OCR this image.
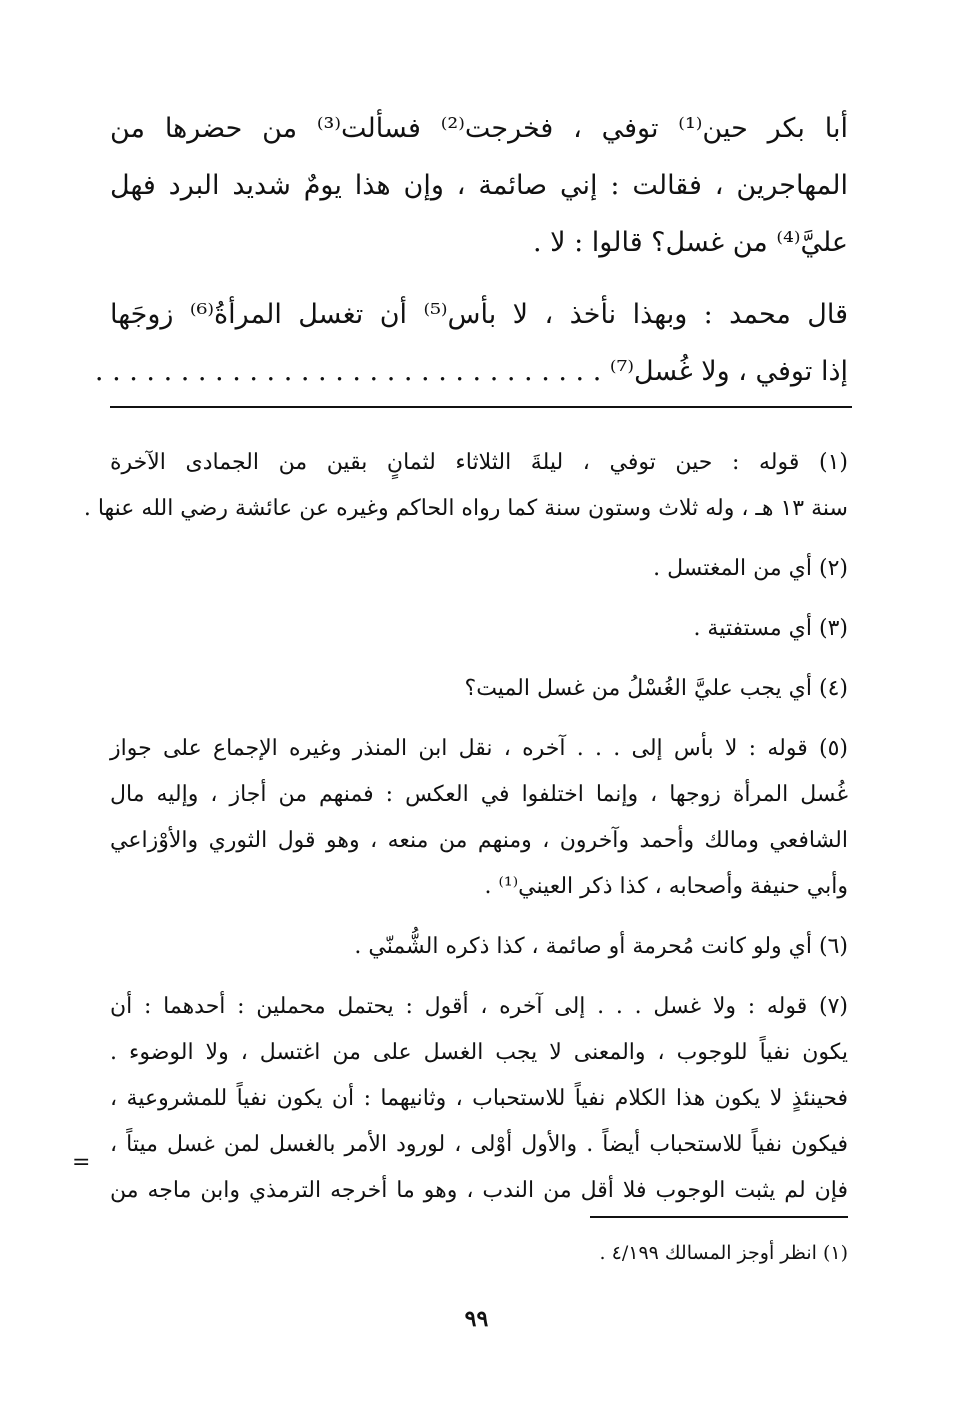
أبا بكر حين⁽¹⁾ توفي ، فخرجت⁽²⁾ فسألت⁽³⁾ من حضرها من
المهاجرين ، فقالت : إني صائمة ، وإن هذا يومٌ شديد البرد فهل
عليَّ⁽⁴⁾ من غسل؟ قالوا : لا .
قال محمد : وبهذا نأخذ ، لا بأس⁽⁵⁾ أن تغسل المرأةُ⁽⁶⁾ زوجَها
إذا توفي ، ولا غُسل⁽⁷⁾ . . . . . . . . . . . . . . . . . . . . . . . . . . . . . .
(١) قوله : حين توفي ، ليلةَ الثلاثاء لثمانٍ بقين من الجمادى الآخرة
سنة ١٣ هـ ، وله ثلاث وستون سنة كما رواه الحاكم وغيره عن عائشة رضي الله عنها .
(٢) أي من المغتسل .
(٣) أي مستفتية .
(٤) أي يجب عليَّ الغُسْلُ من غسل الميت؟
(٥) قوله : لا بأس إلى . . . آخره ، نقل ابن المنذر وغيره الإجماع على جواز
غُسل المرأة زوجها ، وإنما اختلفوا في العكس : فمنهم من أجاز ، وإليه مال
الشافعي ومالك وأحمد وآخرون ، ومنهم من منعه ، وهو قول الثوري والأوْزاعي
وأبي حنيفة وأصحابه ، كذا ذكر العيني⁽¹⁾ .
(٦) أي ولو كانت مُحرمة أو صائمة ، كذا ذكره الشُّمنّي .
(٧) قوله : ولا غسل . . . إلى آخره ، أقول : يحتمل محملين : أحدهما : أن
يكون نفياً للوجوب ، والمعنى لا يجب الغسل على من اغتسل ، ولا الوضوء .
فحينئذٍ لا يكون هذا الكلام نفياً للاستحباب ، وثانيهما : أن يكون نفياً للمشروعية ،
فيكون نفياً للاستحباب أيضاً . والأول أوْلى ، لورود الأمر بالغسل لمن غسل ميتاً ،
فإن لم يثبت الوجوب فلا أقل من الندب ، وهو ما أخرجه الترمذي وابن ماجه من
=
(١) انظر أوجز المسالك ٤/١٩٩ .
٩٩
